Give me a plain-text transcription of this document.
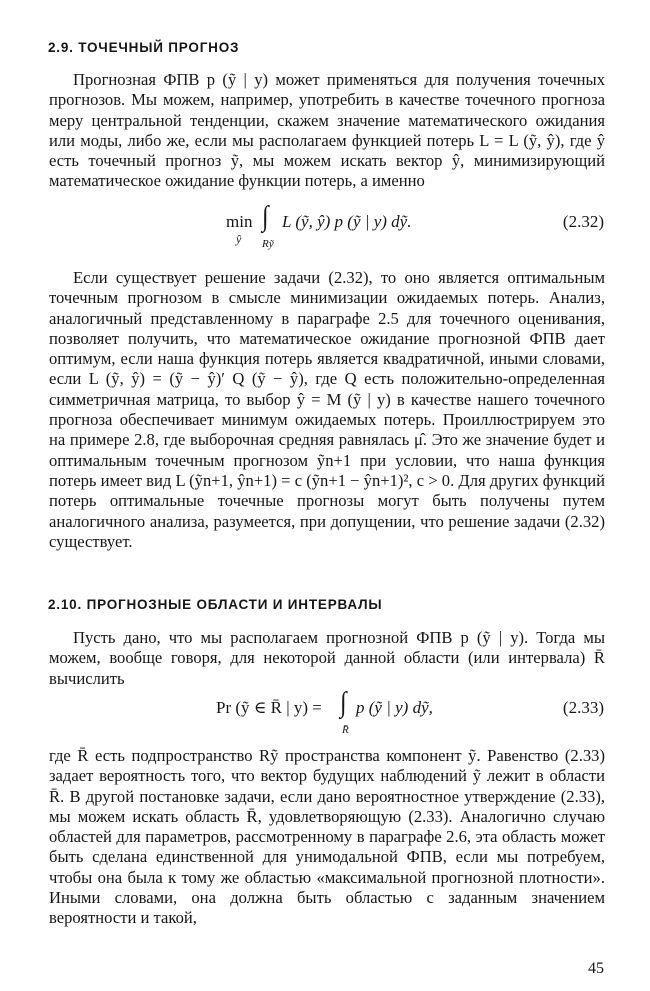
2.9. ТОЧЕЧНЫЙ ПРОГНОЗ

Прогнозная ФПВ p (ỹ | y) может применяться для получения точечных прогнозов. Мы можем, например, употребить в качестве точечного прогноза меру центральной тенденции, скажем значение математического ожидания или моды, либо же, если мы располагаем функцией потерь L = L (ỹ, ŷ), где ŷ есть точечный прогноз ỹ, мы можем искать вектор ŷ, минимизирующий математическое ожидание функции потерь, а именно

min
ŷ
∫
Rỹ
L (ỹ, ŷ) p (ỹ | y) dỹ.	(2.32)

Если существует решение задачи (2.32), то оно является оптимальным точечным прогнозом в смысле минимизации ожидаемых потерь. Анализ, аналогичный представленному в параграфе 2.5 для точечного оценивания, позволяет получить, что математическое ожидание прогнозной ФПВ дает оптимум, если наша функция потерь является квадратичной, иными словами, если L (ỹ, ŷ) = (ỹ − ŷ)′ Q (ỹ − ŷ), где Q есть положительно-определенная симметричная матрица, то выбор ŷ = M (ỹ | y) в качестве нашего точечного прогноза обеспечивает минимум ожидаемых потерь. Проиллюстрируем это на примере 2.8, где выборочная средняя равнялась μ̂. Это же значение будет и оптимальным точечным прогнозом ỹn+1 при условии, что наша функция потерь имеет вид L (ỹn+1, ŷn+1) = c (ỹn+1 − ŷn+1)², c > 0. Для других функций потерь оптимальные точечные прогнозы могут быть получены путем аналогичного анализа, разумеется, при допущении, что решение задачи (2.32) существует.

2.10. ПРОГНОЗНЫЕ ОБЛАСТИ И ИНТЕРВАЛЫ

Пусть дано, что мы располагаем прогнозной ФПВ p (ỹ | y). Тогда мы можем, вообще говоря, для некоторой данной области (или интервала) R̄ вычислить

Pr (ỹ ∈ R̄ | y) = ∫
R̄
p (ỹ | y) dỹ,	(2.33)

где R̄ есть подпространство Rỹ пространства компонент ỹ. Равенство (2.33) задает вероятность того, что вектор будущих наблюдений ỹ лежит в области R̄. В другой постановке задачи, если дано вероятностное утверждение (2.33), мы можем искать область R̄, удовлетворяющую (2.33). Аналогично случаю областей для параметров, рассмотренному в параграфе 2.6, эта область может быть сделана единственной для унимодальной ФПВ, если мы потребуем, чтобы она была к тому же областью «максимальной прогнозной плотности». Иными словами, она должна быть областью с заданным значением вероятности и такой,

45
